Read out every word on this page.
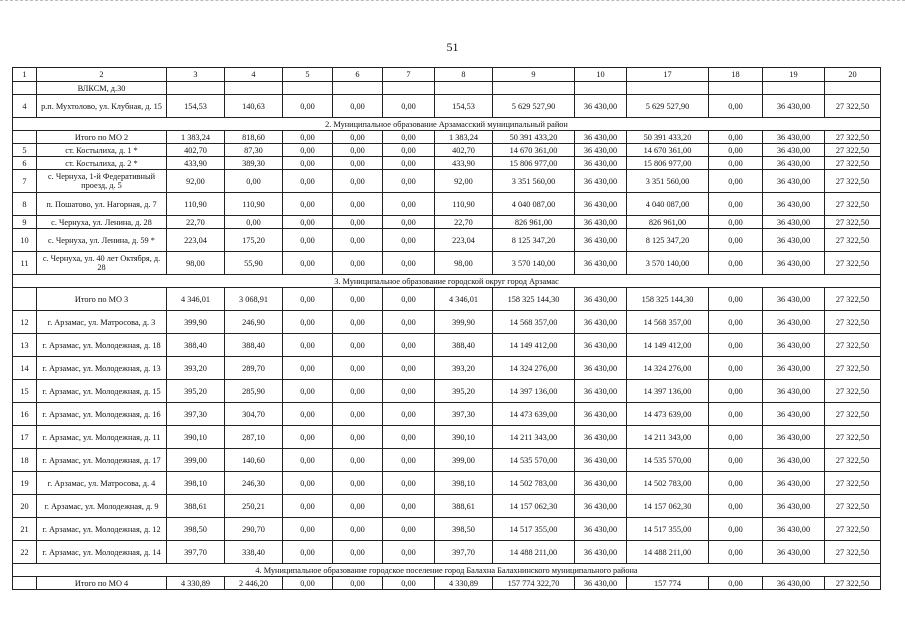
51
1	2	3	4	5	6	7	8	9	10	17	18	19	20
	ВЛКСМ, д.30												
4	р.п. Мухтолово, ул. Клубная, д. 15	154,53	140,63	0,00	0,00	0,00	154,53	5 629 527,90	36 430,00	5 629 527,90	0,00	36 430,00	27 322,50
2. Муниципальное образование Арзамасский муниципальный район													
	Итого по МО 2	1 383,24	818,60	0,00	0,00	0,00	1 383,24	50 391 433,20	36 430,00	50 391 433,20	0,00	36 430,00	27 322,50
5	ст. Костылиха, д. 1 *	402,70	87,30	0,00	0,00	0,00	402,70	14 670 361,00	36 430,00	14 670 361,00	0,00	36 430,00	27 322,50
6	ст. Костылиха, д. 2 *	433,90	389,30	0,00	0,00	0,00	433,90	15 806 977,00	36 430,00	15 806 977,00	0,00	36 430,00	27 322,50
7	с. Чернуха, 1-й Федеративный проезд, д. 5	92,00	0,00	0,00	0,00	0,00	92,00	3 351 560,00	36 430,00	3 351 560,00	0,00	36 430,00	27 322,50
8	п. Пошатово, ул. Нагорная, д. 7	110,90	110,90	0,00	0,00	0,00	110,90	4 040 087,00	36 430,00	4 040 087,00	0,00	36 430,00	27 322,50
9	с. Чернуха, ул. Ленина, д. 28	22,70	0,00	0,00	0,00	0,00	22,70	826 961,00	36 430,00	826 961,00	0,00	36 430,00	27 322,50
10	с. Чернуха, ул. Ленина, д. 59 *	223,04	175,20	0,00	0,00	0,00	223,04	8 125 347,20	36 430,00	8 125 347,20	0,00	36 430,00	27 322,50
11	с. Чернуха, ул. 40 лет Октября, д. 28	98,00	55,90	0,00	0,00	0,00	98,00	3 570 140,00	36 430,00	3 570 140,00	0,00	36 430,00	27 322,50
3. Муниципальное образование городской округ город Арзамас													
	Итого по МО 3	4 346,01	3 068,91	0,00	0,00	0,00	4 346,01	158 325 144,30	36 430,00	158 325 144,30	0,00	36 430,00	27 322,50
12	г. Арзамас, ул. Матросова, д. 3	399,90	246,90	0,00	0,00	0,00	399,90	14 568 357,00	36 430,00	14 568 357,00	0,00	36 430,00	27 322,50
13	г. Арзамас, ул. Молодежная, д. 18	388,40	388,40	0,00	0,00	0,00	388,40	14 149 412,00	36 430,00	14 149 412,00	0,00	36 430,00	27 322,50
14	г. Арзамас, ул. Молодежная, д. 13	393,20	289,70	0,00	0,00	0,00	393,20	14 324 276,00	36 430,00	14 324 276,00	0,00	36 430,00	27 322,50
15	г. Арзамас, ул. Молодежная, д. 15	395,20	285,90	0,00	0,00	0,00	395,20	14 397 136,00	36 430,00	14 397 136,00	0,00	36 430,00	27 322,50
16	г. Арзамас, ул. Молодежная, д. 16	397,30	304,70	0,00	0,00	0,00	397,30	14 473 639,00	36 430,00	14 473 639,00	0,00	36 430,00	27 322,50
17	г. Арзамас, ул. Молодежная, д. 11	390,10	287,10	0,00	0,00	0,00	390,10	14 211 343,00	36 430,00	14 211 343,00	0,00	36 430,00	27 322,50
18	г. Арзамас, ул. Молодежная, д. 17	399,00	140,60	0,00	0,00	0,00	399,00	14 535 570,00	36 430,00	14 535 570,00	0,00	36 430,00	27 322,50
19	г. Арзамас, ул. Матросова, д. 4	398,10	246,30	0,00	0,00	0,00	398,10	14 502 783,00	36 430,00	14 502 783,00	0,00	36 430,00	27 322,50
20	г. Арзамас, ул. Молодежная, д. 9	388,61	250,21	0,00	0,00	0,00	388,61	14 157 062,30	36 430,00	14 157 062,30	0,00	36 430,00	27 322,50
21	г. Арзамас, ул. Молодежная, д. 12	398,50	290,70	0,00	0,00	0,00	398,50	14 517 355,00	36 430,00	14 517 355,00	0,00	36 430,00	27 322,50
22	г. Арзамас, ул. Молодежная, д. 14	397,70	338,40	0,00	0,00	0,00	397,70	14 488 211,00	36 430,00	14 488 211,00	0,00	36 430,00	27 322,50
4. Муниципальное образование городское поселение город Балахна Балахнинского муниципального района													
	Итого по МО 4	4 330,89	2 446,20	0,00	0,00	0,00	4 330,89	157 774 322,70	36 430,00	157 774	0,00	36 430,00	27 322,50
